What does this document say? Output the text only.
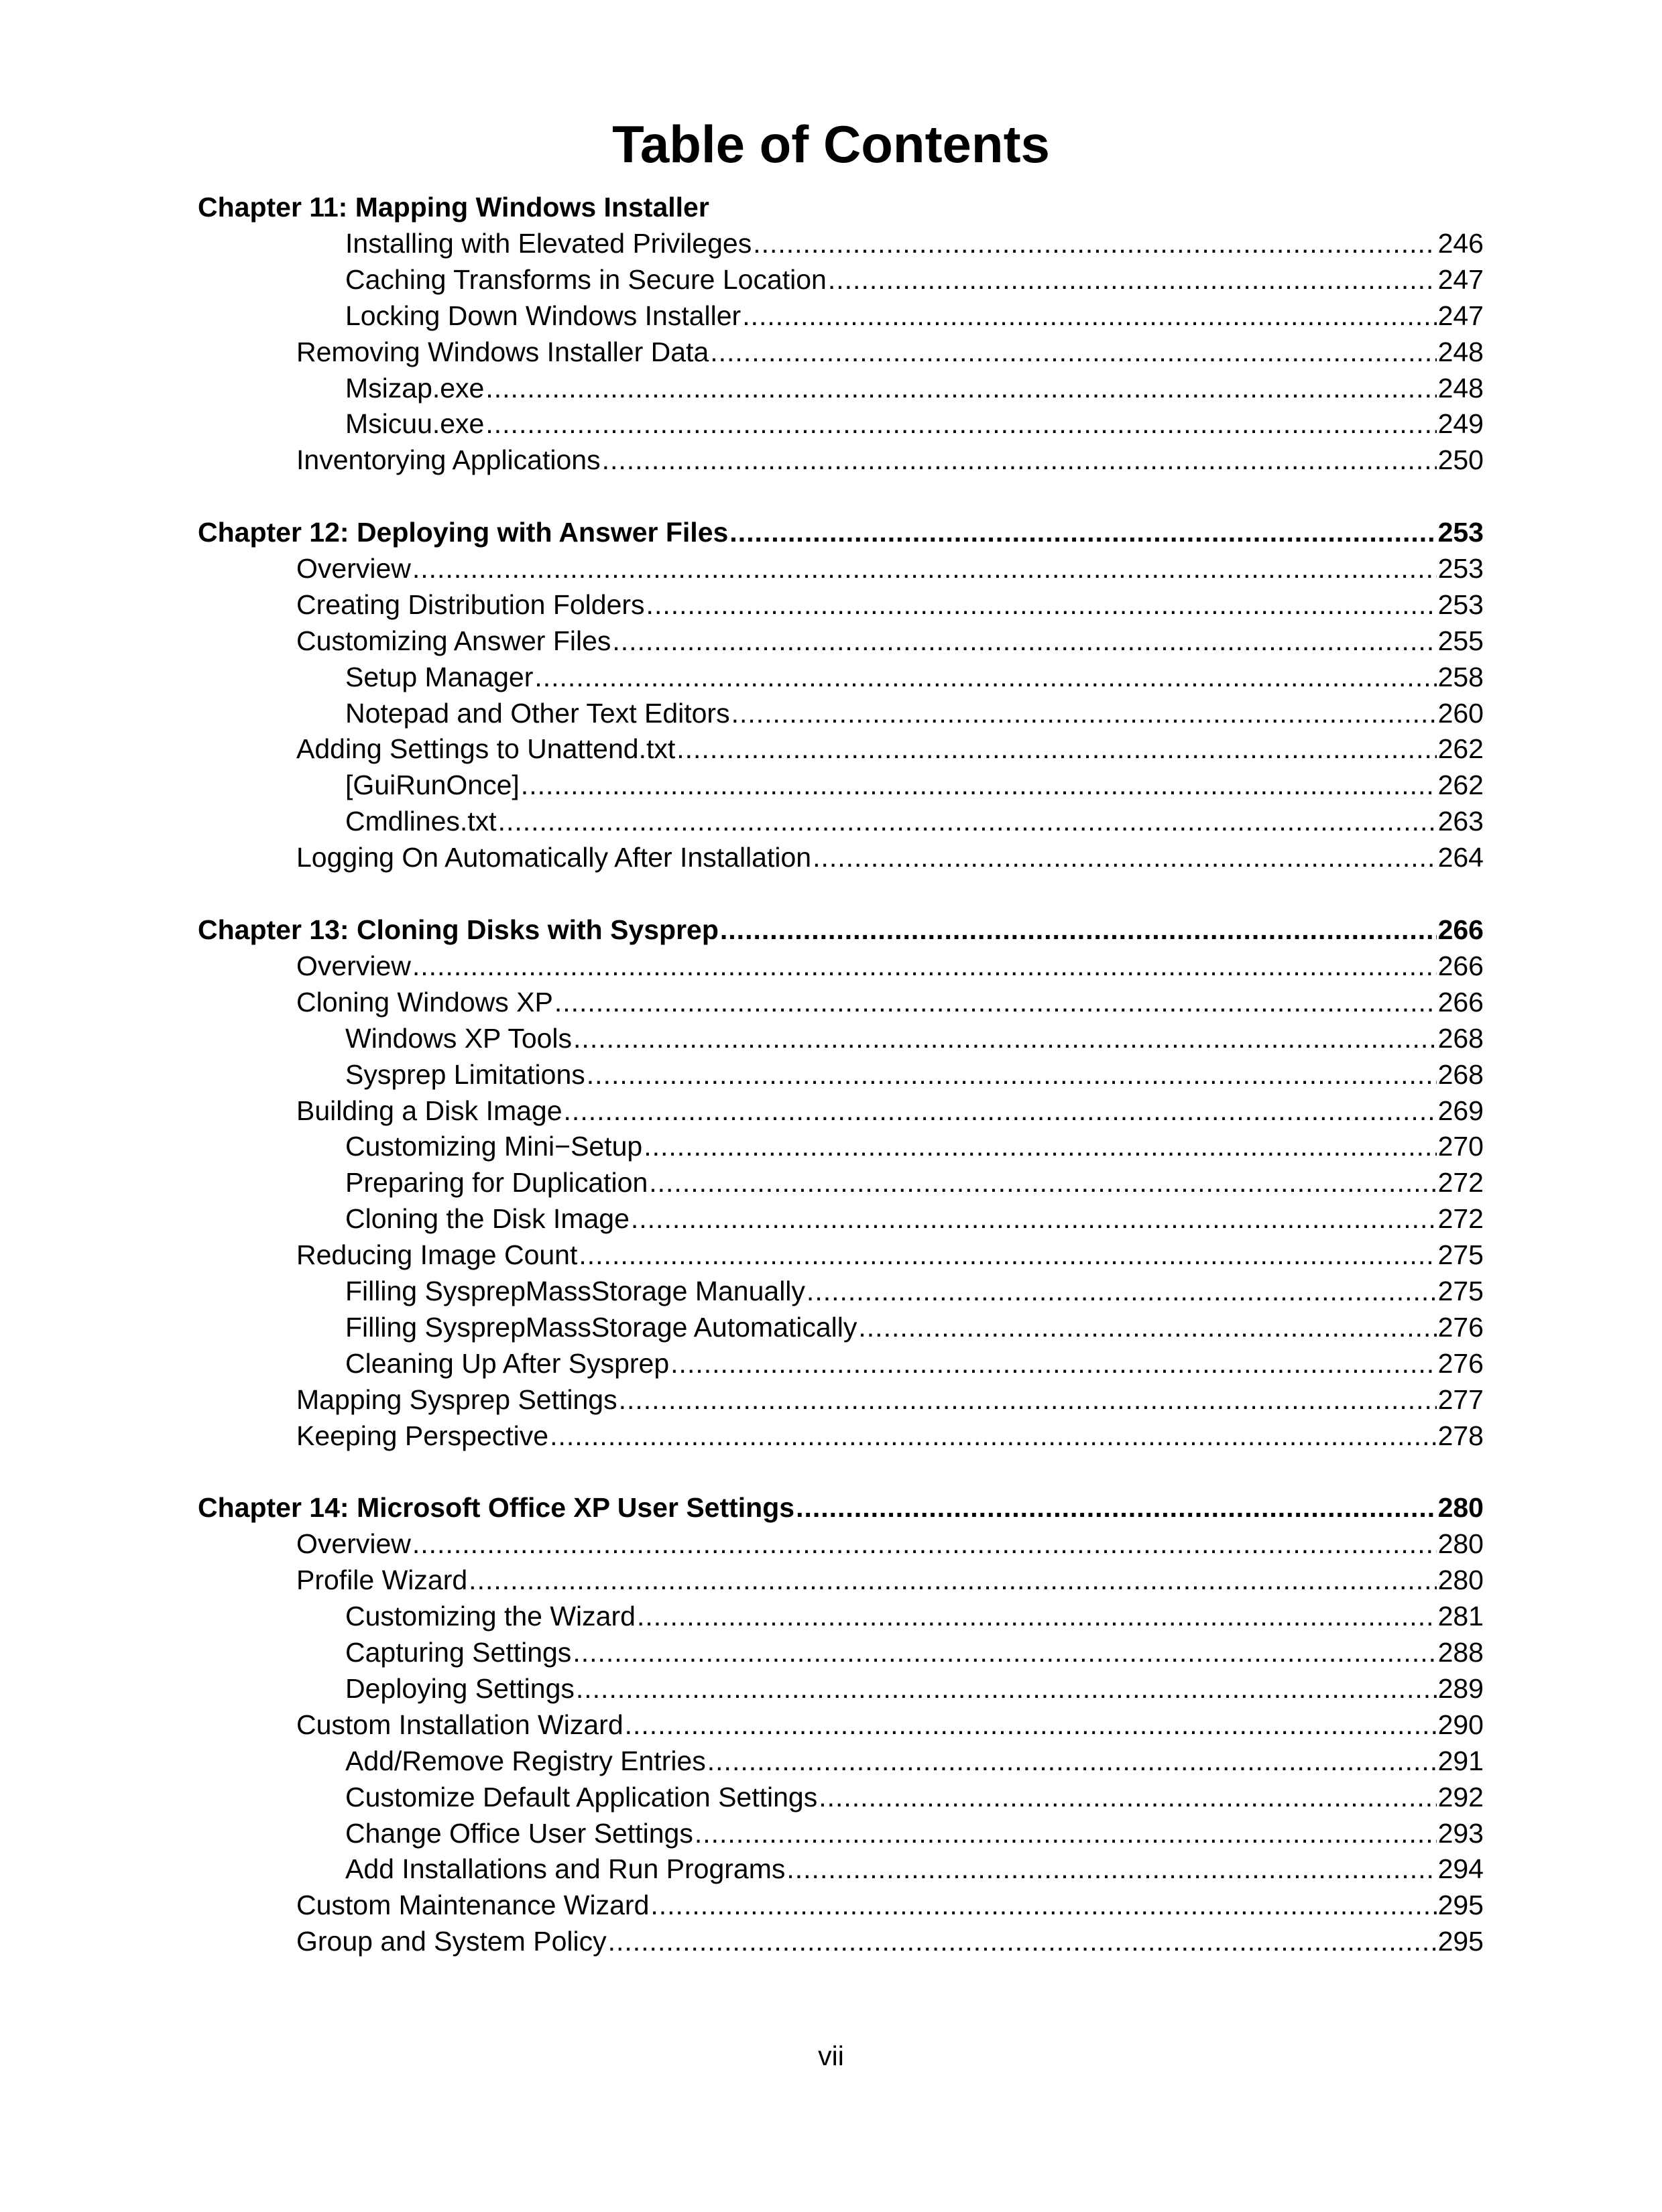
Table of Contents
Chapter 11: Mapping Windows Installer
Installing with Elevated Privileges .....	246
Caching Transforms in Secure Location .....	247
Locking Down Windows Installer .....	247
Removing Windows Installer Data .....	248
Msizap.exe .....	248
Msicuu.exe .....	249
Inventorying Applications .....	250
Chapter 12: Deploying with Answer Files .....	253
Overview .....	253
Creating Distribution Folders .....	253
Customizing Answer Files .....	255
Setup Manager .....	258
Notepad and Other Text Editors .....	260
Adding Settings to Unattend.txt .....	262
[GuiRunOnce] .....	262
Cmdlines.txt .....	263
Logging On Automatically After Installation .....	264
Chapter 13: Cloning Disks with Sysprep .....	266
Overview .....	266
Cloning Windows XP .....	266
Windows XP Tools .....	268
Sysprep Limitations .....	268
Building a Disk Image .....	269
Customizing Mini−Setup .....	270
Preparing for Duplication .....	272
Cloning the Disk Image .....	272
Reducing Image Count .....	275
Filling SysprepMassStorage Manually .....	275
Filling SysprepMassStorage Automatically .....	276
Cleaning Up After Sysprep .....	276
Mapping Sysprep Settings .....	277
Keeping Perspective .....	278
Chapter 14: Microsoft Office XP User Settings .....	280
Overview .....	280
Profile Wizard .....	280
Customizing the Wizard .....	281
Capturing Settings .....	288
Deploying Settings .....	289
Custom Installation Wizard .....	290
Add/Remove Registry Entries .....	291
Customize Default Application Settings .....	292
Change Office User Settings .....	293
Add Installations and Run Programs .....	294
Custom Maintenance Wizard .....	295
Group and System Policy .....	295
vii
